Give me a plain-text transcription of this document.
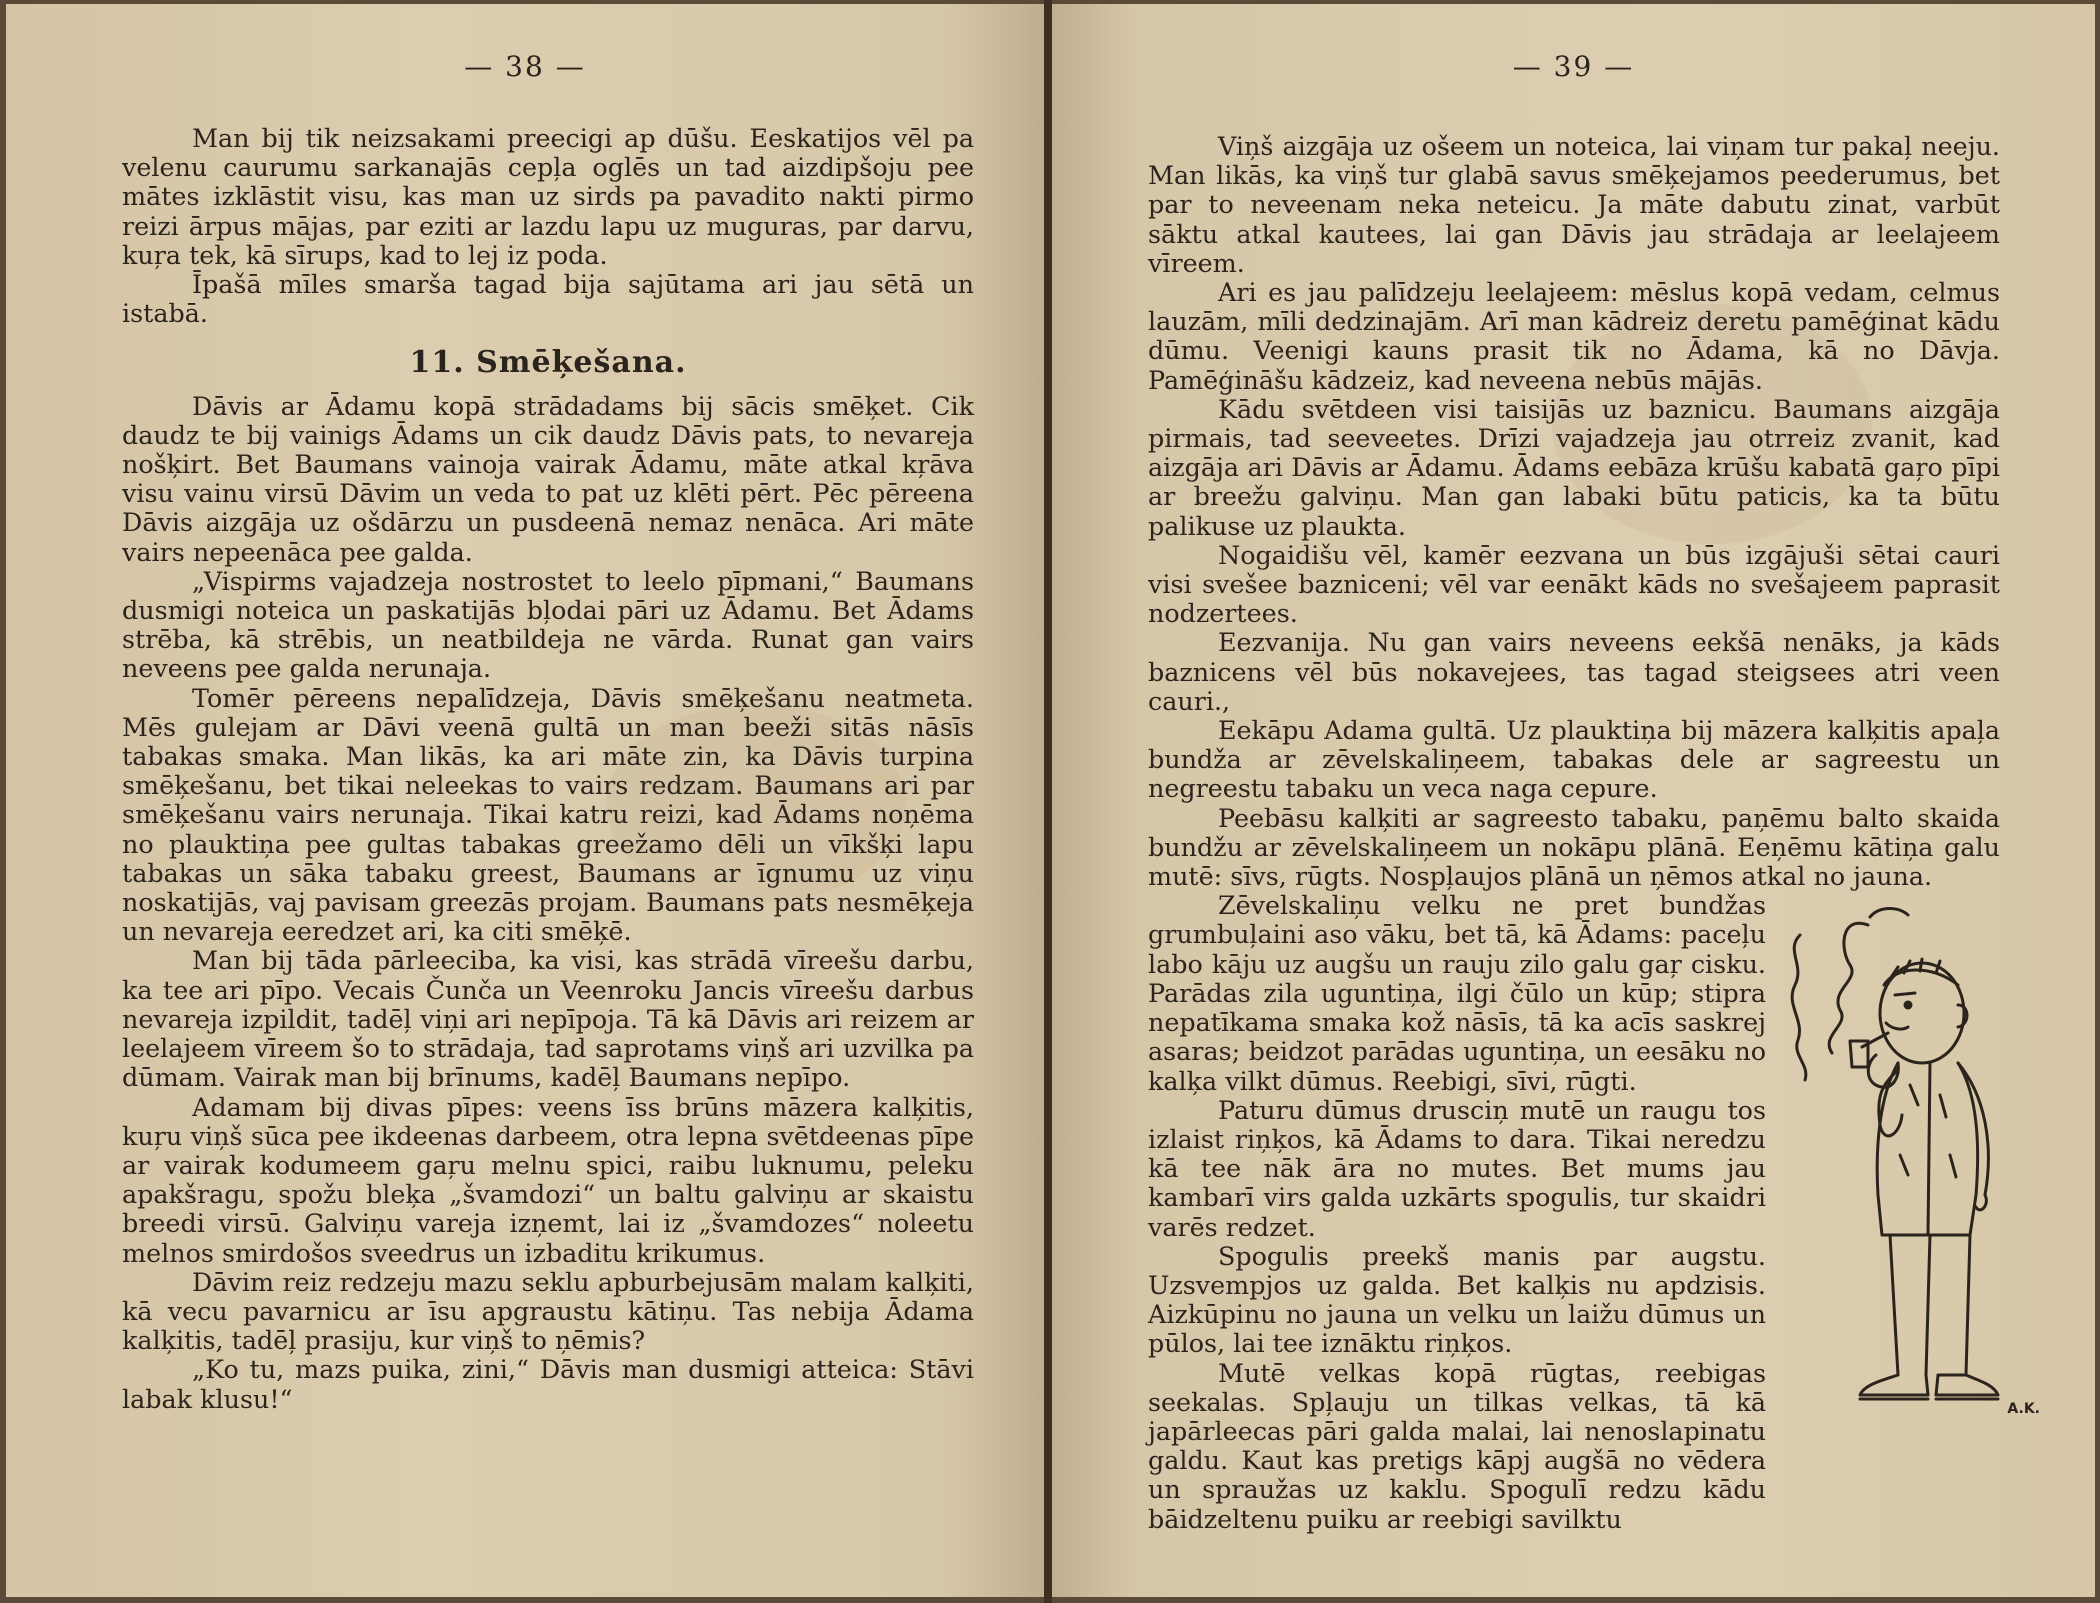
— 38 —

Man bij tik neizsakami preecigi ap dūšu. Eeskatijos vēl pa velenu caurumu sarkanajās cepļa oglēs un tad aizdipšoju pee mātes izklāstit visu, kas man uz sirds pa pavadito nakti pirmo reizi ārpus mājas, par eziti ar lazdu lapu uz muguras, par darvu, kuŗa tek, kā sīrups, kad to lej iz poda.

Īpašā mīles smarša tagad bija sajūtama ari jau sētā un istabā.

11. Smēķešana.

Dāvis ar Ādamu kopā strādadams bij sācis smēķet. Cik daudz te bij vainigs Ādams un cik daudz Dāvis pats, to nevareja nošķirt. Bet Baumans vainoja vairak Ādamu, māte atkal kŗāva visu vainu virsū Dāvim un veda to pat uz klēti pērt. Pēc pēreena Dāvis aizgāja uz ošdārzu un pusdeenā nemaz nenāca. Ari māte vairs nepeenāca pee galda.

„Vispirms vajadzeja nostrostet to leelo pīpmani,“ Baumans dusmigi noteica un paskatijās bļodai pāri uz Ādamu. Bet Ādams strēba, kā strēbis, un neatbildeja ne vārda. Runat gan vairs neveens pee galda nerunaja.

Tomēr pēreens nepalīdzeja, Dāvis smēķešanu neatmeta. Mēs gulejam ar Dāvi veenā gultā un man beeži sitās nāsīs tabakas smaka. Man likās, ka ari māte zin, ka Dāvis turpina smēķešanu, bet tikai neleekas to vairs redzam. Baumans ari par smēķešanu vairs nerunaja. Tikai katru reizi, kad Ādams noņēma no plauktiņa pee gultas tabakas greežamo dēli un vīkšķi lapu tabakas un sāka tabaku greest, Baumans ar īgnumu uz viņu noskatijās, vaj pavisam greezās projam. Baumans pats nesmēķeja un nevareja eeredzet ari, ka citi smēķē.

Man bij tāda pārleeciba, ka visi, kas strādā vīreešu darbu, ka tee ari pīpo. Vecais Čunča un Veenroku Jancis vīreešu darbus nevareja izpildit, tadēļ viņi ari nepīpoja. Tā kā Dāvis ari reizem ar leelajeem vīreem šo to strādaja, tad saprotams viņš ari uzvilka pa dūmam. Vairak man bij brīnums, kadēļ Baumans nepīpo.

Adamam bij divas pīpes: veens īss brūns māzera kalķitis, kuŗu viņš sūca pee ikdeenas darbeem, otra lepna svētdeenas pīpe ar vairak kodumeem gaŗu melnu spici, raibu luknumu, peleku apakšragu, spožu bleķa „švamdozi“ un baltu galviņu ar skaistu breedi virsū. Galviņu vareja izņemt, lai iz „švamdozes“ noleetu melnos smirdošos sveedrus un izbaditu krikumus.

Dāvim reiz redzeju mazu seklu apburbejusām malam kalķiti, kā vecu pavarnicu ar īsu apgraustu kātiņu. Tas nebija Ādama kalķitis, tadēļ prasiju, kur viņš to ņēmis?

„Ko tu, mazs puika, zini,“ Dāvis man dusmigi atteica: Stāvi labak klusu!“

— 39 —

Viņš aizgāja uz ošeem un noteica, lai viņam tur pakaļ neeju. Man likās, ka viņš tur glabā savus smēķejamos peederumus, bet par to neveenam neka neteicu. Ja māte dabutu zinat, varbūt sāktu atkal kautees, lai gan Dāvis jau strādaja ar leelajeem vīreem.

Ari es jau palīdzeju leelajeem: mēslus kopā vedam, celmus lauzām, mīli dedzinajām. Arī man kādreiz deretu pamēģinat kādu dūmu. Veenigi kauns prasit tik no Ādama, kā no Dāvja. Pamēģināšu kādzeiz, kad neveena nebūs mājās.

Kādu svētdeen visi taisijās uz baznicu. Baumans aizgāja pirmais, tad seeveetes. Drīzi vajadzeja jau otrreiz zvanit, kad aizgāja ari Dāvis ar Ādamu. Ādams eebāza krūšu kabatā gaŗo pīpi ar breežu galviņu. Man gan labaki būtu paticis, ka ta būtu palikuse uz plaukta.

Nogaidišu vēl, kamēr eezvana un būs izgājuši sētai cauri visi svešee bazniceni; vēl var eenākt kāds no svešajeem paprasit nodzertees.

Eezvanija. Nu gan vairs neveens eekšā nenāks, ja kāds baznicens vēl būs nokavejees, tas tagad steigsees atri veen cauri.,

Eekāpu Adama gultā. Uz plauktiņa bij māzera kalķitis apaļa bundža ar zēvelskaliņeem, tabakas dele ar sagreestu un negreestu tabaku un veca naga cepure.

Peebāsu kalķiti ar sagreesto tabaku, paņēmu balto skaida bundžu ar zēvelskaliņeem un nokāpu plānā. Eeņēmu kātiņa galu mutē: sīvs, rūgts. Nospļaujos plānā un ņēmos atkal no jauna.

A.K.

Zēvelskaliņu velku ne pret bundžas grumbuļaini aso vāku, bet tā, kā Ādams: paceļu labo kāju uz augšu un rauju zilo galu gaŗ cisku. Parādas zila uguntiņa, ilgi čūlo un kūp; stipra nepatīkama smaka kož nāsīs, tā ka acīs saskrej asaras; beidzot parādas uguntiņa, un eesāku no kalķa vilkt dūmus. Reebigi, sīvi, rūgti.

Paturu dūmus drusciņ mutē un raugu tos izlaist riņķos, kā Ādams to dara. Tikai neredzu kā tee nāk āra no mutes. Bet mums jau kambarī virs galda uzkārts spogulis, tur skaidri varēs redzet.

Spogulis preekš manis par augstu. Uzsvempjos uz galda. Bet kalķis nu apdzisis. Aizkūpinu no jauna un velku un laižu dūmus un pūlos, lai tee iznāktu riņķos.

Mutē velkas kopā rūgtas, reebigas seekalas. Spļauju un tilkas velkas, tā kā japārleecas pāri galda malai, lai nenoslapinatu galdu. Kaut kas pretigs kāpj augšā no vēdera un spraužas uz kaklu. Spogulī redzu kādu bāidzeltenu puiku ar reebigi savilktu
